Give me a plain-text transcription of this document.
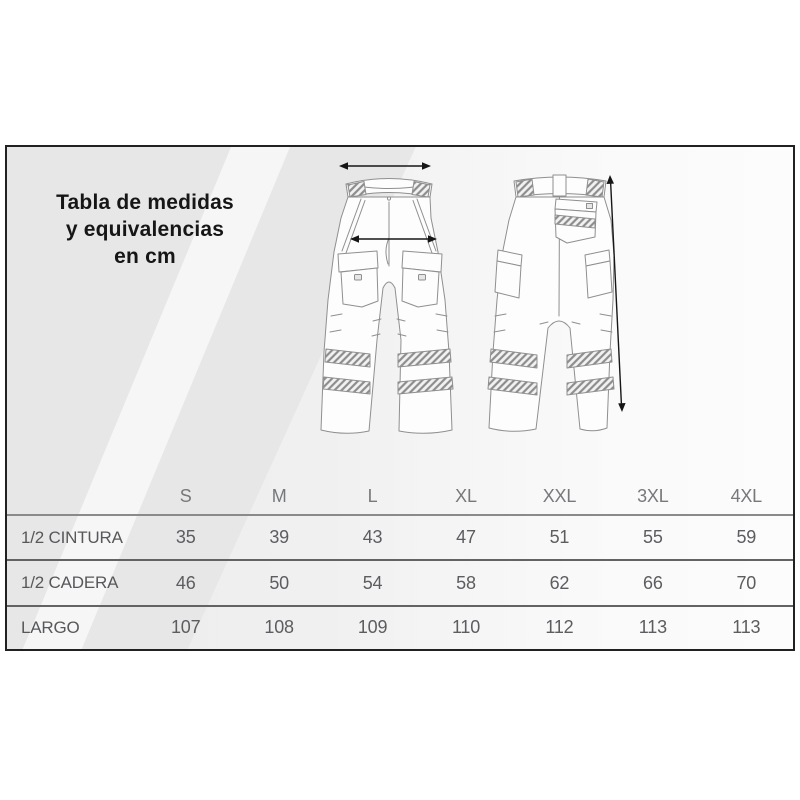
Tabla de medidas
y equivalencias
en cm
S	M	L	XL	XXL	3XL	4XL
1/2 CINTURA	35	39	43	47	51	55	59
1/2 CADERA	46	50	54	58	62	66	70
LARGO	107	108	109	110	112	113	113
